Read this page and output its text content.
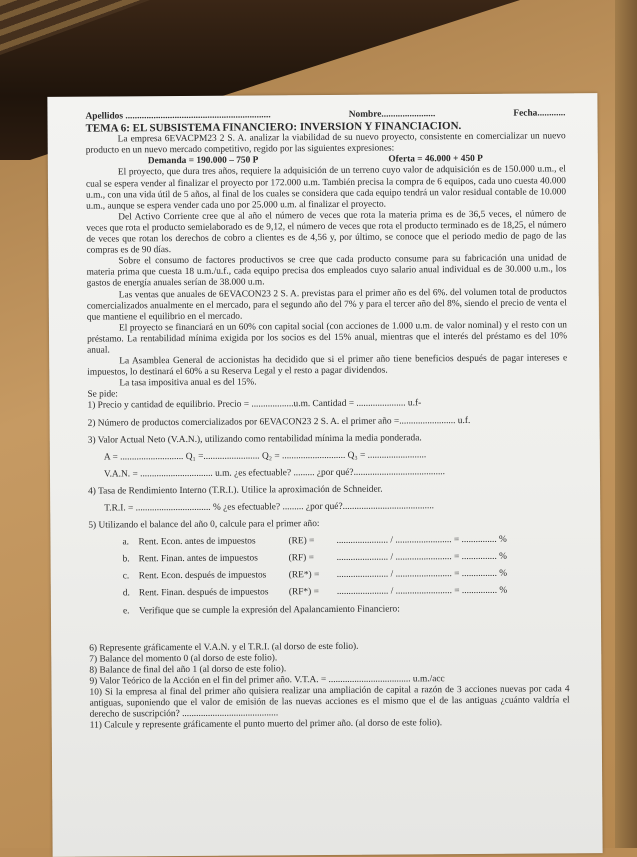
Apellidos ..............................................................	Nombre.......................	Fecha............
TEMA 6: EL SUBSISTEMA FINANCIERO: INVERSION Y FINANCIACION.

La empresa 6EVACPM23 2 S. A. analizar la viabilidad de su nuevo proyecto, consistente en comercializar un nuevo producto en un nuevo mercado competitivo, regido por las siguientes expresiones:

Demanda = 190.000 – 750 P	Oferta = 46.000 + 450 P

El proyecto, que dura tres años, requiere la adquisición de un terreno cuyo valor de adquisición es de 150.000 u.m., el cual se espera vender al finalizar el proyecto por 172.000 u.m. También precisa la compra de 6 equipos, cada uno cuesta 40.000 u.m., con una vida útil de 5 años, al final de los cuales se considera que cada equipo tendrá un valor residual contable de 10.000 u.m., aunque se espera vender cada uno por 25.000 u.m. al finalizar el proyecto.

Del Activo Corriente cree que al año el número de veces que rota la materia prima es de 36,5 veces, el número de veces que rota el producto semielaborado es de 9,12, el número de veces que rota el producto terminado es de 18,25, el número de veces que rotan los derechos de cobro a clientes es de 4,56 y, por último, se conoce que el periodo medio de pago de las compras es de 90 días.

Sobre el consumo de factores productivos se cree que cada producto consume para su fabricación una unidad de materia prima que cuesta 18 u.m./u.f., cada equipo precisa dos empleados cuyo salario anual individual es de 30.000 u.m., los gastos de energía anuales serían de 38.000 u.m.

Las ventas que anuales de 6EVACON23 2 S. A. previstas para el primer año es del 6%. del volumen total de productos comercializados anualmente en el mercado, para el segundo año del 7% y para el tercer año del 8%, siendo el precio de venta el que mantiene el equilibrio en el mercado.

El proyecto se financiará en un 60% con capital social (con acciones de 1.000 u.m. de valor nominal) y el resto con un préstamo. La rentabilidad mínima exigida por los socios es del 15% anual, mientras que el interés del préstamo es del 10% anual.

La Asamblea General de accionistas ha decidido que si el primer año tiene beneficios después de pagar intereses e impuestos, lo destinará el 60% a su Reserva Legal y el resto a pagar dividendos.

La tasa impositiva anual es del 15%.

Se pide:
1) Precio y cantidad de equilibrio. Precio = ..................u.m. Cantidad = ..................... u.f-
2) Número de productos comercializados por 6EVACON23 2 S. A. el primer año =........................ u.f.
3) Valor Actual Neto (V.A.N.), utilizando como rentabilidad mínima la media ponderada.
A = ........................... Q₁ =........................ Q₂ = ........................... Q₃ = .........................
V.A.N. = ............................... u.m. ¿es efectuable? ......... ¿por qué?.......................................
4) Tasa de Rendimiento Interno (T.R.I.). Utilice la aproximación de Schneider.
T.R.I. = ................................ % ¿es efectuable? ......... ¿por qué?.......................................
5) Utilizando el balance del año 0, calcule para el primer año:
a.	Rent. Econ. antes de impuestos	(RE) =	...................... / ........................ = ............... %
b. Rent. Finan. antes de impuestos	(RF) =	...................... / ........................ = ............... %
c.	Rent. Econ. después de impuestos	(RE*) =	...................... / ........................ = ............... %
d. Rent. Finan. después de impuestos	(RF*) =	...................... / ........................ = ............... %
e.	Verifique que se cumple la expresión del Apalancamiento Financiero:
6) Represente gráficamente el V.A.N. y el T.R.I. (al dorso de este folio).
7) Balance del momento 0 (al dorso de este folio).
8) Balance de final del año 1 (al dorso de este folio).
9) Valor Teórico de la Acción en el fin del primer año. V.T.A. = ................................... u.m./acc
10) Si la empresa al final del primer año quisiera realizar una ampliación de capital a razón de 3 acciones nuevas por cada 4 antiguas, suponiendo que el valor de emisión de las nuevas acciones es el mismo que el de las antiguas ¿cuánto valdría el derecho de suscripción? .........................................
11) Calcule y represente gráficamente el punto muerto del primer año. (al dorso de este folio).
